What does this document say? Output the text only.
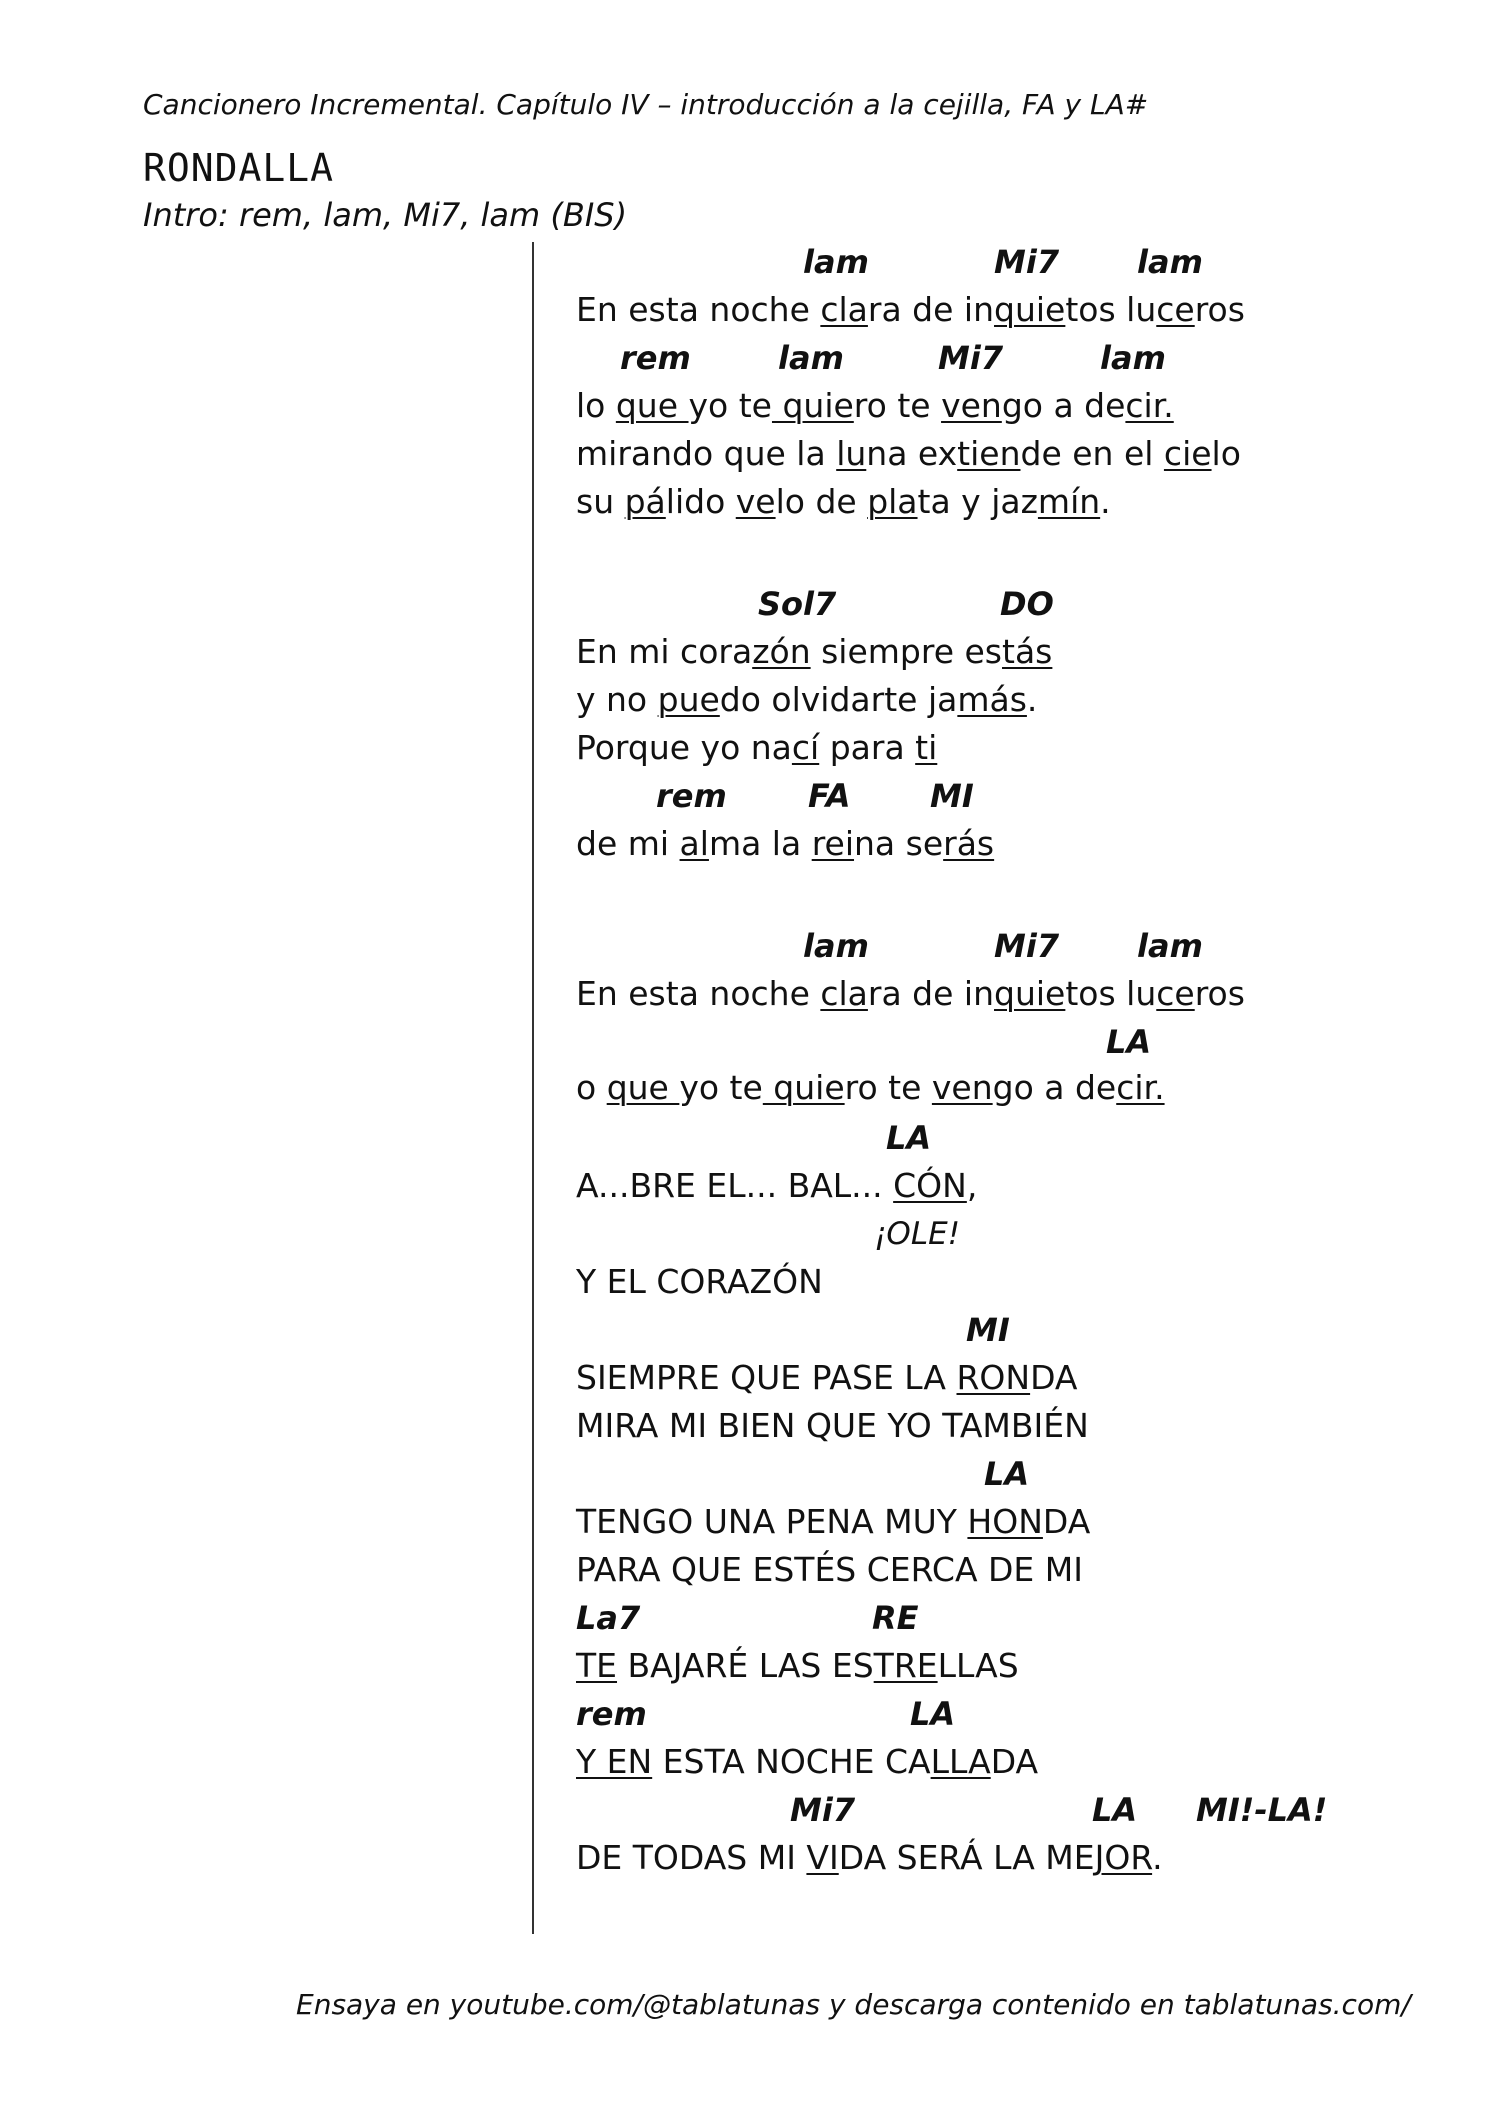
Cancionero Incremental. Capítulo IV – introducción a la cejilla, FA y LA#
RONDALLA
Intro: rem, lam, Mi7, lam (BIS)
lam	Mi7 lam
En esta noche clara de inquietos luceros
rem	lam	Mi7	lam
lo que yo te quiero te vengo a decir.
mirando que la luna extiende en el cielo
su pálido velo de plata y jazmín.
Sol7	DO
En mi corazón siempre estás
y no puedo olvidarte jamás.
Porque yo nací para ti
rem	FA MI
de mi alma la reina serás
lam	Mi7 lam
En esta noche clara de inquietos luceros
LA
o que yo te quiero te vengo a decir.
LA
A...BRE EL... BAL... CÓN,
¡OLE!
Y EL CORAZÓN
MI
SIEMPRE QUE PASE LA RONDA
MIRA MI BIEN QUE YO TAMBIÉN
LA
TENGO UNA PENA MUY HONDA
PARA QUE ESTÉS CERCA DE MI
La7	RE
TE BAJARÉ LAS ESTRELLAS
rem	LA
Y EN ESTA NOCHE CALLADA
Mi7	LA MI!-LA!
DE TODAS MI VIDA SERÁ LA MEJOR.
Ensaya en youtube.com/@tablatunas y descarga contenido en tablatunas.com/
